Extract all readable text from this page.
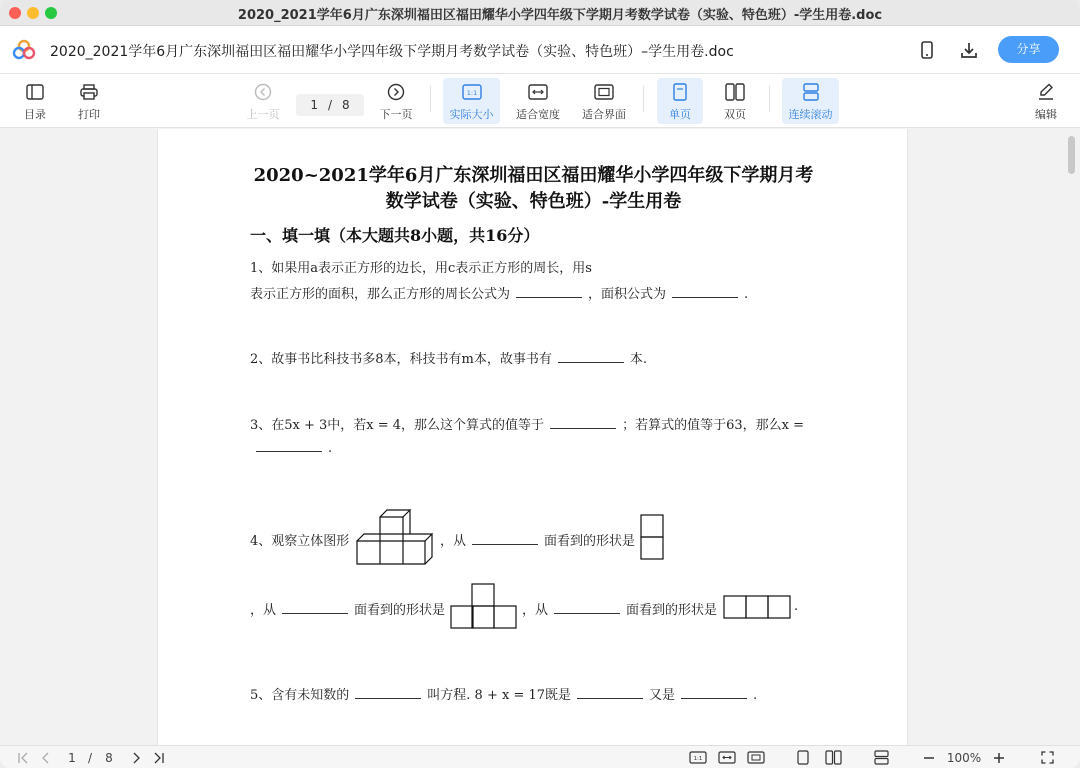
2020_2021学年6月广东深圳福田区福田耀华小学四年级下学期月考数学试卷（实验、特色班）-学生用卷.doc
2020_2021学年6月广东深圳福田区福田耀华小学四年级下学期月考数学试卷（实验、特色班）–学生用卷.doc	分享
目录	打印	上一页	下一页
1:1
实际大小 适合宽度 适合界面	单页	双页	连续滚动	编辑
1 / 8
2020~2021学年6月广东深圳福田区福田耀华小学四年级下学期月考
数学试卷（实验、特色班）-学生用卷
一、填一填（本大题共8小题，共16分）
1、如果用a表示正方形的边长，用c表示正方形的周长，用s
表示正方形的面积，那么正方形的周长公式为	，面积公式为	.
2、故事书比科技书多8本，科技书有m本，故事书有	本.
3、在5x + 3中，若x = 4，那么这个算式的值等于	；若算式的值等于63，那么x =
.
4、观察立体图形	，从	面看到的形状是
，从	面看到的形状是	，从	面看到的形状是	.
5、含有未知数的	叫方程. 8 + x = 17既是	又是	.
1	/	8	1:1	100%
